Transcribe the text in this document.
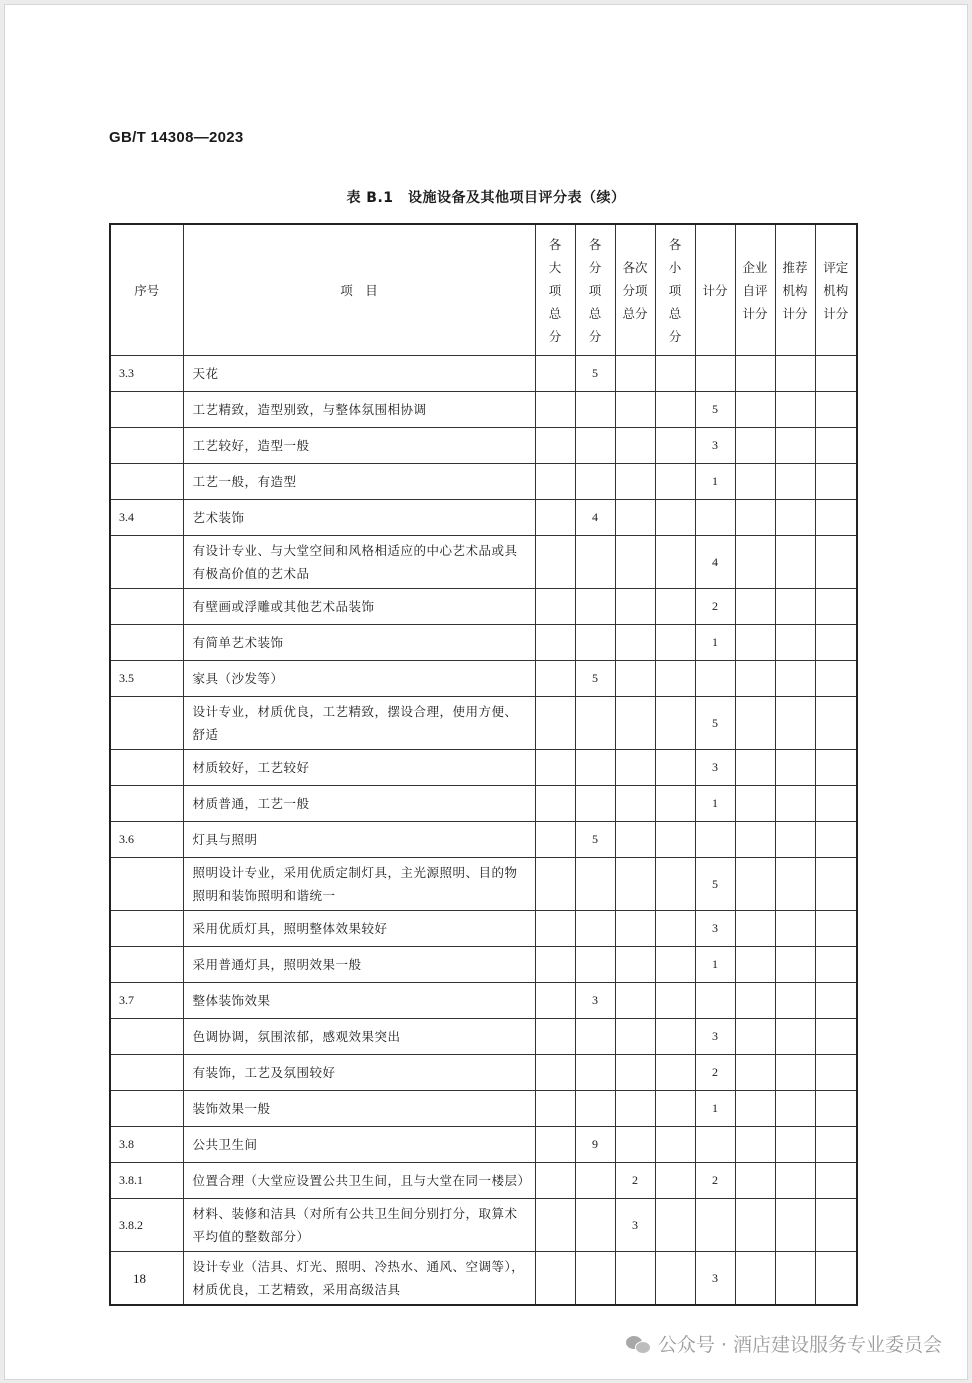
GB/T 14308—2023
表 B.1　设施设备及其他项目评分表（续）
序号	项　目	各大项总分	各分项总分	各次分项总分	各小项总分	计分	企业自评计分	推荐机构计分	评定机构计分
3.3	天花		5						
	工艺精致，造型别致，与整体氛围相协调					5			
	工艺较好，造型一般					3			
	工艺一般，有造型					1			
3.4	艺术装饰		4						
	有设计专业、与大堂空间和风格相适应的中心艺术品或具有极高价值的艺术品					4			
	有壁画或浮雕或其他艺术品装饰					2			
	有简单艺术装饰					1			
3.5	家具（沙发等）		5						
	设计专业，材质优良，工艺精致，摆设合理，使用方便、舒适					5			
	材质较好，工艺较好					3			
	材质普通，工艺一般					1			
3.6	灯具与照明		5						
	照明设计专业，采用优质定制灯具，主光源照明、目的物照明和装饰照明和谐统一					5			
	采用优质灯具，照明整体效果较好					3			
	采用普通灯具，照明效果一般					1			
3.7	整体装饰效果		3						
	色调协调，氛围浓郁，感观效果突出					3			
	有装饰，工艺及氛围较好					2			
	装饰效果一般					1			
3.8	公共卫生间		9						
3.8.1	位置合理（大堂应设置公共卫生间，且与大堂在同一楼层）			2		2			
3.8.2	材料、装修和洁具（对所有公共卫生间分别打分，取算术平均值的整数部分）			3					
	设计专业（洁具、灯光、照明、冷热水、通风、空调等），材质优良，工艺精致，采用高级洁具					3			
18
公众号 · 酒店建设服务专业委员会
